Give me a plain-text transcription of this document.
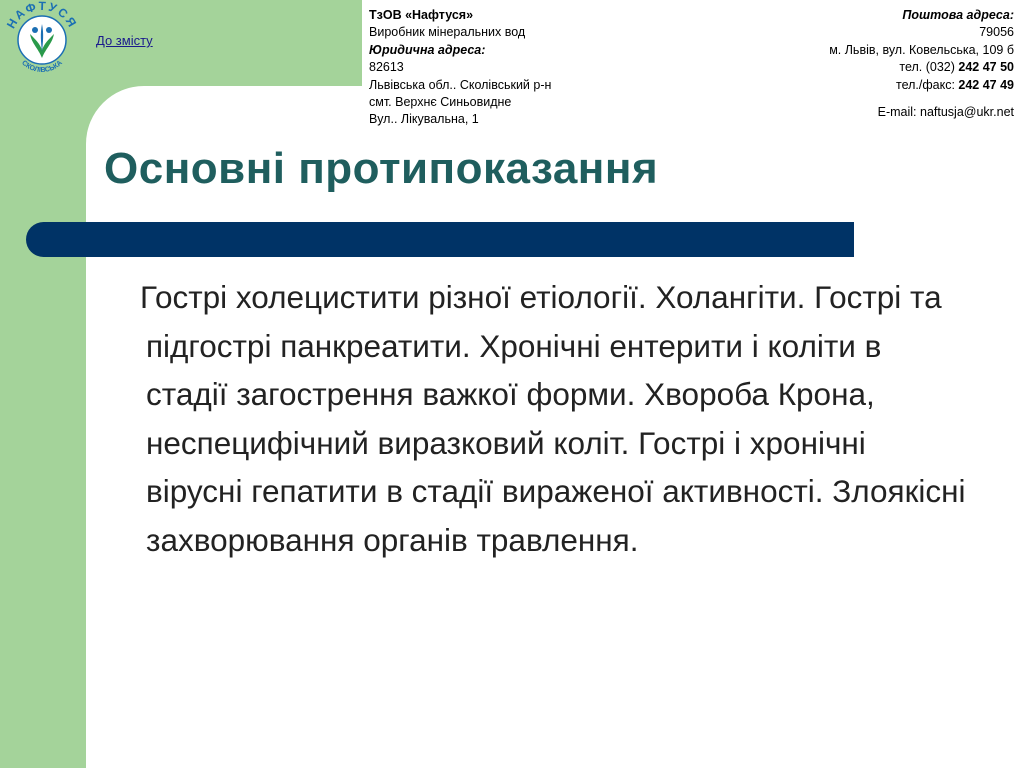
НАФТУСЯ
СКОЛІВСЬКА
До змісту
ТзОВ «Нафтуся»
Виробник мінеральних вод
Юридична адреса:
82613
Львівська обл.. Сколівський р-н
смт. Верхнє Синьовидне
Вул.. Лікувальна, 1
Поштова адреса:
79056
м. Львів, вул. Ковельська, 109 б
тел. (032) 242 47 50
тел./факс: 242 47 49
E-mail: naftusja@ukr.net
Основні протипоказання
Гострі холецистити різної етіології. Холангіти. Гострі та підгострі панкреатити. Хронічні ентерити і коліти в стадії загострення важкої форми. Хвороба Крона, неспецифічний виразковий коліт. Гострі і хронічні вірусні гепатити в стадії вираженої активності. Злоякісні захворювання органів травлення.
